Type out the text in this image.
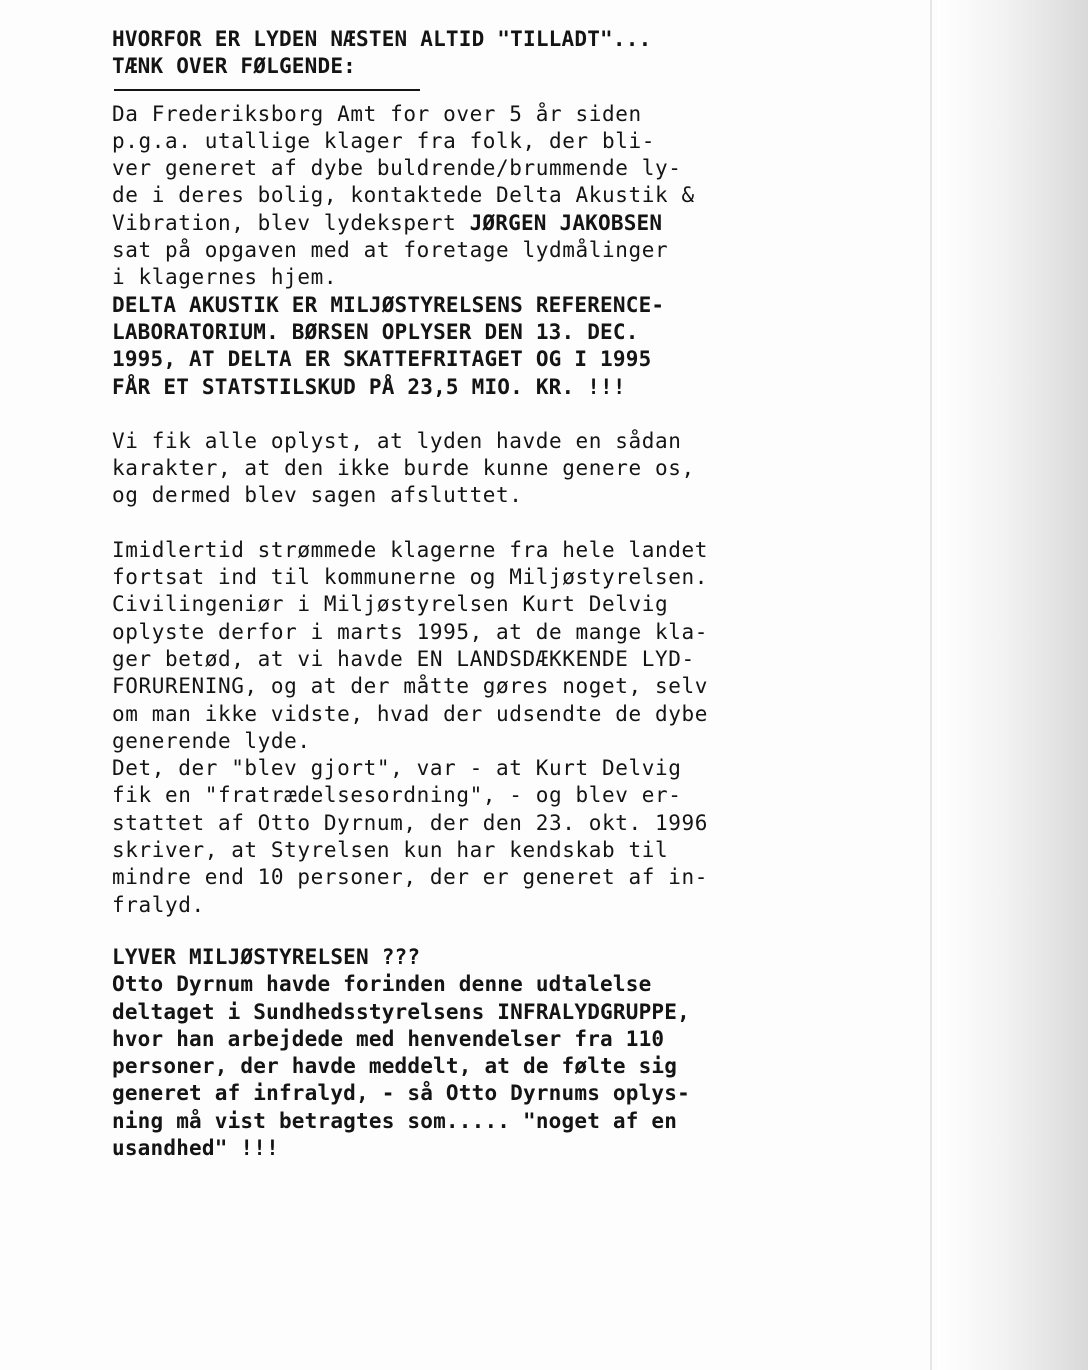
HVORFOR ER LYDEN NÆSTEN ALTID "TILLADT"...
TÆNK OVER FØLGENDE:
Da Frederiksborg Amt for over 5 år siden
p.g.a. utallige klager fra folk, der bli-
ver generet af dybe buldrende/brummende ly-
de i deres bolig, kontaktede Delta Akustik &
Vibration, blev lydekspert JØRGEN JAKOBSEN
sat på opgaven med at foretage lydmålinger
i klagernes hjem.
DELTA AKUSTIK ER MILJØSTYRELSENS REFERENCE-
LABORATORIUM. BØRSEN OPLYSER DEN 13. DEC.
1995, AT DELTA ER SKATTEFRITAGET OG I 1995
FÅR ET STATSTILSKUD PÅ 23,5 MIO. KR. !!!
Vi fik alle oplyst, at lyden havde en sådan
karakter, at den ikke burde kunne genere os,
og dermed blev sagen afsluttet.
Imidlertid strømmede klagerne fra hele landet
fortsat ind til kommunerne og Miljøstyrelsen.
Civilingeniør i Miljøstyrelsen Kurt Delvig
oplyste derfor i marts 1995, at de mange kla-
ger betød, at vi havde EN LANDSDÆKKENDE LYD-
FORURENING, og at der måtte gøres noget, selv
om man ikke vidste, hvad der udsendte de dybe
generende lyde.
Det, der "blev gjort", var - at Kurt Delvig
fik en "fratrædelsesordning", - og blev er-
stattet af Otto Dyrnum, der den 23. okt. 1996
skriver, at Styrelsen kun har kendskab til
mindre end 10 personer, der er generet af in-
fralyd.
LYVER MILJØSTYRELSEN ???
Otto Dyrnum havde forinden denne udtalelse
deltaget i Sundhedsstyrelsens INFRALYDGRUPPE,
hvor han arbejdede med henvendelser fra 110
personer, der havde meddelt, at de følte sig
generet af infralyd, - så Otto Dyrnums oplys-
ning må vist betragtes som..... "noget af en
usandhed" !!!
